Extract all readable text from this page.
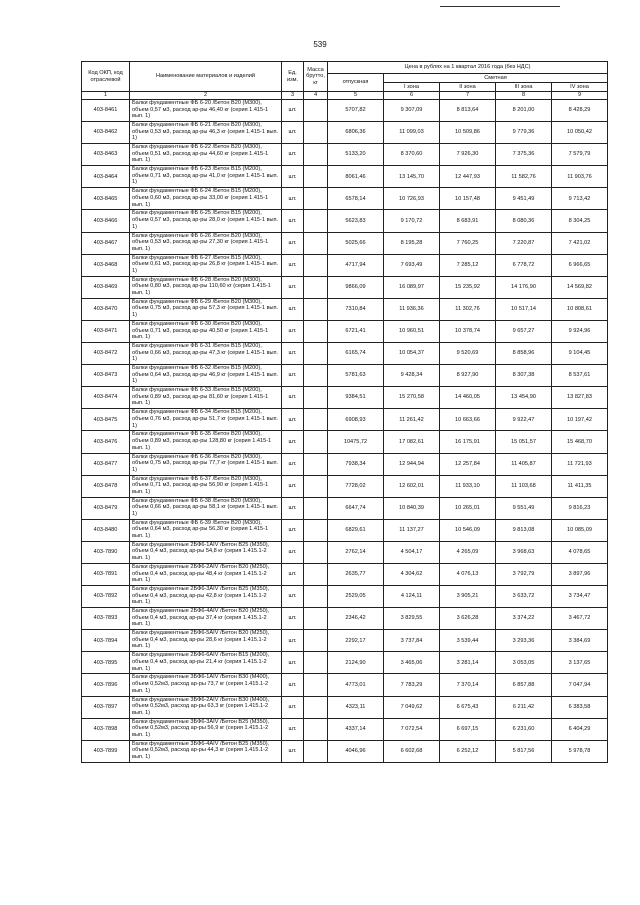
539
Код ОКП, код отраслевой	Наименование материалов и изделий	Ед. изм.	Масса брутто, кг	Цена в рублях на 1 квартал 2016 года (без НДС)				
				отпускная	Сметная			
					I зона	II зона	III зона	IV зона
1	2	3	4	5	6	7	8	9
403-8461	Балки фундаментные ФБ 6-20 /Бетон В20 (М300), объем 0,57 м3, расход ар-ры 46,40 кг (серия 1.415-1 вып. 1)	шт.		5707,82	9 307,09	8 813,64	8 201,00	8 428,29
403-8462	Балки фундаментные ФБ 6-21 /Бетон В20 (М300), объем 0,53 м3, расход ар-ры 46,3 кг (серия 1.415-1 вып. 1)	шт.		6806,36	11 099,03	10 509,86	9 779,36	10 050,42
403-8463	Балки фундаментные ФБ 6-22 /Бетон В20 (М300), объем 0,51 м3, расход ар-ры 44,60 кг (серия 1.415-1 вып. 1)	шт.		5133,20	8 370,60	7 926,30	7 375,36	7 579,79
403-8464	Балки фундаментные ФБ 6-23 /Бетон В15 (М200), объем 0,71 м3, расход ар-ры 41,0 кг (серия 1.415-1 вып. 1)	шт.		8061,46	13 145,70	12 447,93	11 582,76	11 903,76
403-8465	Балки фундаментные ФБ 6-24 /Бетон В15 (М200), объем 0,60 м3, расход ар-ры 33,00 кг (серия 1.415-1 вып. 1)	шт.		6578,14	10 726,93	10 157,48	9 451,49	9 713,42
403-8466	Балки фундаментные ФБ 6-25 /Бетон В15 (М200), объем 0,57 м3, расход ар-ры 28,0 кг (серия 1.415-1 вып. 1)	шт.		5623,83	9 170,72	8 683,91	8 080,36	8 304,25
403-8467	Балки фундаментные ФБ 6-26 /Бетон В20 (М300), объем 0,53 м3, расход ар-ры 27,30 кг (серия 1.415-1 вып. 1)	шт.		5025,66	8 195,28	7 760,25	7 220,87	7 421,02
403-8468	Балки фундаментные ФБ 6-27 /Бетон В15 (М200), объем 0,61 м3, расход ар-ры 26,8 кг (серия 1.415-1 вып. 1)	шт.		4717,94	7 693,49	7 285,12	6 778,72	6 966,65
403-8469	Балки фундаментные ФБ 6-28 /Бетон В20 (М300), объем 0,80 м3, расход ар-ры 110,60 кг (серия 1.415-1 вып. 1)	шт.		9866,09	16 089,97	15 235,92	14 176,90	14 569,82
403-8470	Балки фундаментные ФБ 6-29 /Бетон В20 (М300), объем 0,75 м3, расход ар-ры 57,3 кг (серия 1.415-1 вып. 1)	шт.		7310,84	11 936,36	11 302,76	10 517,14	10 808,61
403-8471	Балки фундаментные ФБ 6-30 /Бетон В20 (М300), объем 0,71 м3, расход ар-ры 40,50 кг (серия 1.415-1 вып. 1)	шт.		6721,41	10 960,51	10 378,74	9 657,27	9 924,96
403-8472	Балки фундаментные ФБ 6-31 /Бетон В15 (М200), объем 0,66 м3, расход ар-ры 47,3 кг (серия 1.415-1 вып. 1)	шт.		6165,74	10 054,37	9 520,69	8 858,96	9 104,45
403-8473	Балки фундаментные ФБ 6-32 /Бетон В15 (М200), объем 0,64 м3, расход ар-ры 46,9 кг (серия 1.415-1 вып. 1)	шт.		5781,63	9 428,34	8 927,90	8 307,38	8 537,61
403-8474	Балки фундаментные ФБ 6-33 /Бетон В15 (М200), объем 0,89 м3, расход ар-ры 81,60 кг (серия 1.415-1 вып. 1)	шт.		9384,51	15 270,58	14 460,05	13 454,90	13 827,83
403-8475	Балки фундаментные ФБ 6-34 /Бетон В15 (М200), объем 0,76 м3, расход ар-ры 51,7 кг (серия 1.415-1 вып. 1)	шт.		6908,93	11 261,42	10 663,66	9 922,47	10 197,42
403-8476	Балки фундаментные ФБ 6-35 /Бетон В20 (М300), объем 0,89 м3, расход ар-ры 128,80 кг (серия 1.415-1 вып. 1)	шт.		10475,72	17 082,61	16 175,91	15 051,57	15 468,70
403-8477	Балки фундаментные ФБ 6-36 /Бетон В20 (М300), объем 0,75 м3, расход ар-ры 77,7 кг (серия 1.415-1 вып. 1)	шт.		7938,34	12 944,94	12 257,84	11 405,87	11 721,93
403-8478	Балки фундаментные ФБ 6-37 /Бетон В20 (М300), объем 0,71 м3, расход ар-ры 56,90 кг (серия 1.415-1 вып. 1)	шт.		7728,02	12 602,01	11 933,10	11 103,68	11 411,35
403-8479	Балки фундаментные ФБ 6-38 /Бетон В20 (М300), объем 0,66 м3, расход ар-ры 58,1 кг (серия 1.415-1 вып. 1)	шт.		6647,74	10 840,39	10 265,01	9 551,49	9 816,23
403-8480	Балки фундаментные ФБ 6-39 /Бетон В20 (М300), объем 0,64 м3, расход ар-ры 56,30 кг (серия 1.415-1 вып. 1)	шт.		6829,61	11 137,27	10 546,09	9 813,08	10 085,09
403-7890	Балки фундаментные 2БФ6-1АIV /Бетон В25 (М350), объем 0,4 м3, расход ар-ры 54,8 кг (серия 1.415.1-2 вып. 1)	шт.		2762,14	4 504,17	4 265,09	3 968,63	4 078,65
403-7891	Балки фундаментные 2БФ6-2АIV /Бетон В20 (М250), объем 0,4 м3, расход ар-ры 48,4 кг (серия 1.415.1-2 вып. 1)	шт.		2635,77	4 304,62	4 076,13	3 792,79	3 897,96
403-7892	Балки фундаментные 2БФ6-3АIV /Бетон В25 (М350), объем 0,4 м3, расход ар-ры 42,8 кг (серия 1.415.1-2 вып. 1)	шт.		2529,05	4 124,11	3 905,21	3 633,72	3 734,47
403-7893	Балки фундаментные 2БФ6-4АIV /Бетон В20 (М250), объем 0,4 м3, расход ар-ры 37,4 кг (серия 1.415.1-2 вып. 1)	шт.		2346,42	3 829,55	3 626,28	3 374,22	3 467,72
403-7894	Балки фундаментные 2БФ6-5АIV /Бетон В20 (М250), объем 0,4 м3, расход ар-ры 28,6 кг (серия 1.415.1-2 вып. 1)	шт.		2292,17	3 737,84	3 539,44	3 293,36	3 384,69
403-7895	Балки фундаментные 2БФ6-6АIV /Бетон В15 (М200), объем 0,4 м3, расход ар-ры 21,4 кг (серия 1.415.1-2 вып. 1)	шт.		2124,90	3 465,06	3 281,14	3 053,05	3 137,65
403-7896	Балки фундаментные 3БФ6-1АIV /Бетон В30 (М400), объем 0,52м3, расход ар-ры 73,7 кг (серия 1.415.1-2 вып. 1)	шт.		4773,01	7 783,29	7 370,14	6 857,88	7 047,94
403-7897	Балки фундаментные 3БФ6-2АIV /Бетон В30 (М400), объем 0,52м3, расход ар-ры 63,3 кг (серия 1.415.1-2 вып. 1)	шт.		4323,11	7 049,62	6 675,43	6 211,42	6 383,58
403-7898	Балки фундаментные 3БФ6-3АIV /Бетон В25 (М350), объем 0,52м3, расход ар-ры 56,9 кг (серия 1.415.1-2 вып. 1)	шт.		4337,14	7 072,54	6 697,15	6 231,60	6 404,29
403-7899	Балки фундаментные 3БФ6-4АIV /Бетон В25 (М350), объем 0,52м3, расход ар-ры 44,3 кг (серия 1.415.1-2 вып. 1)	шт.		4046,96	6 602,68	6 252,12	5 817,56	5 978,78
